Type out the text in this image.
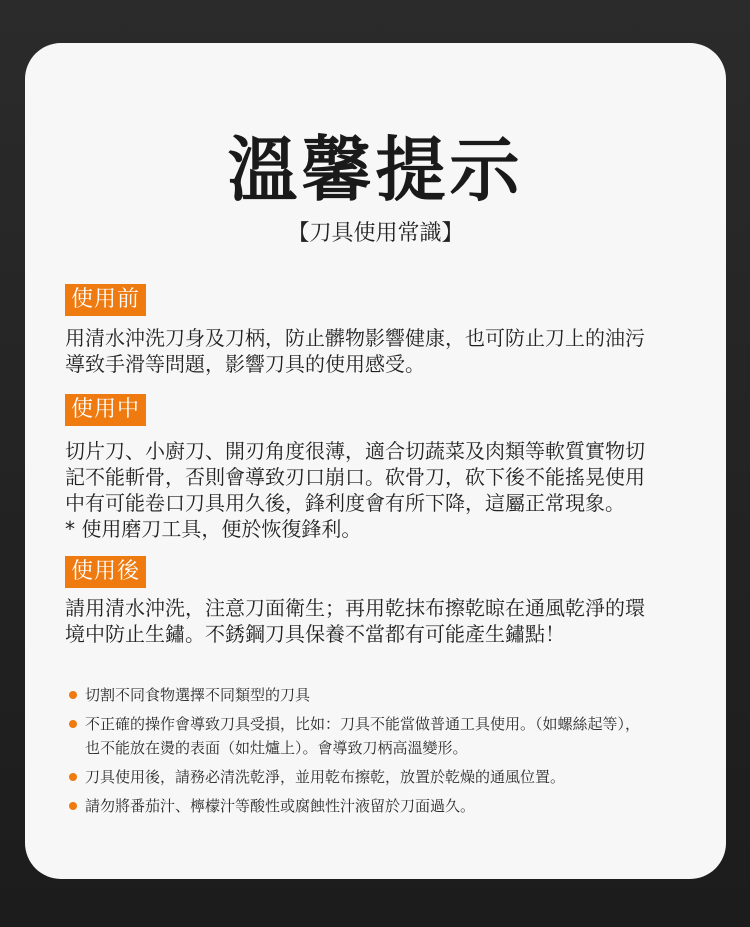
溫馨提示
【刀具使用常識】
使用前

用清水沖洗刀身及刀柄，防止髒物影響健康，也可防止刀上的油污
導致手滑等問題，影響刀具的使用感受。

使用中

切片刀、小廚刀、開刃角度很薄，適合切蔬菜及肉類等軟質實物切
記不能斬骨，否則會導致刃口崩口。砍骨刀，砍下後不能搖晃使用
中有可能卷口刀具用久後，鋒利度會有所下降，這屬正常現象。
* 使用磨刀工具，便於恢復鋒利。

使用後

請用清水沖洗，注意刀面衛生；再用乾抹布擦乾晾在通風乾淨的環
境中防止生鏽。不銹鋼刀具保養不當都有可能產生鏽點！

切割不同食物選擇不同類型的刀具
不正確的操作會導致刀具受損，比如：刀具不能當做普通工具使用。（如螺絲起等），
也不能放在燙的表面（如灶爐上）。會導致刀柄高溫變形。
刀具使用後，請務必清洗乾淨，並用乾布擦乾，放置於乾燥的通風位置。
請勿將番茄汁、檸檬汁等酸性或腐蝕性汁液留於刀面過久。
